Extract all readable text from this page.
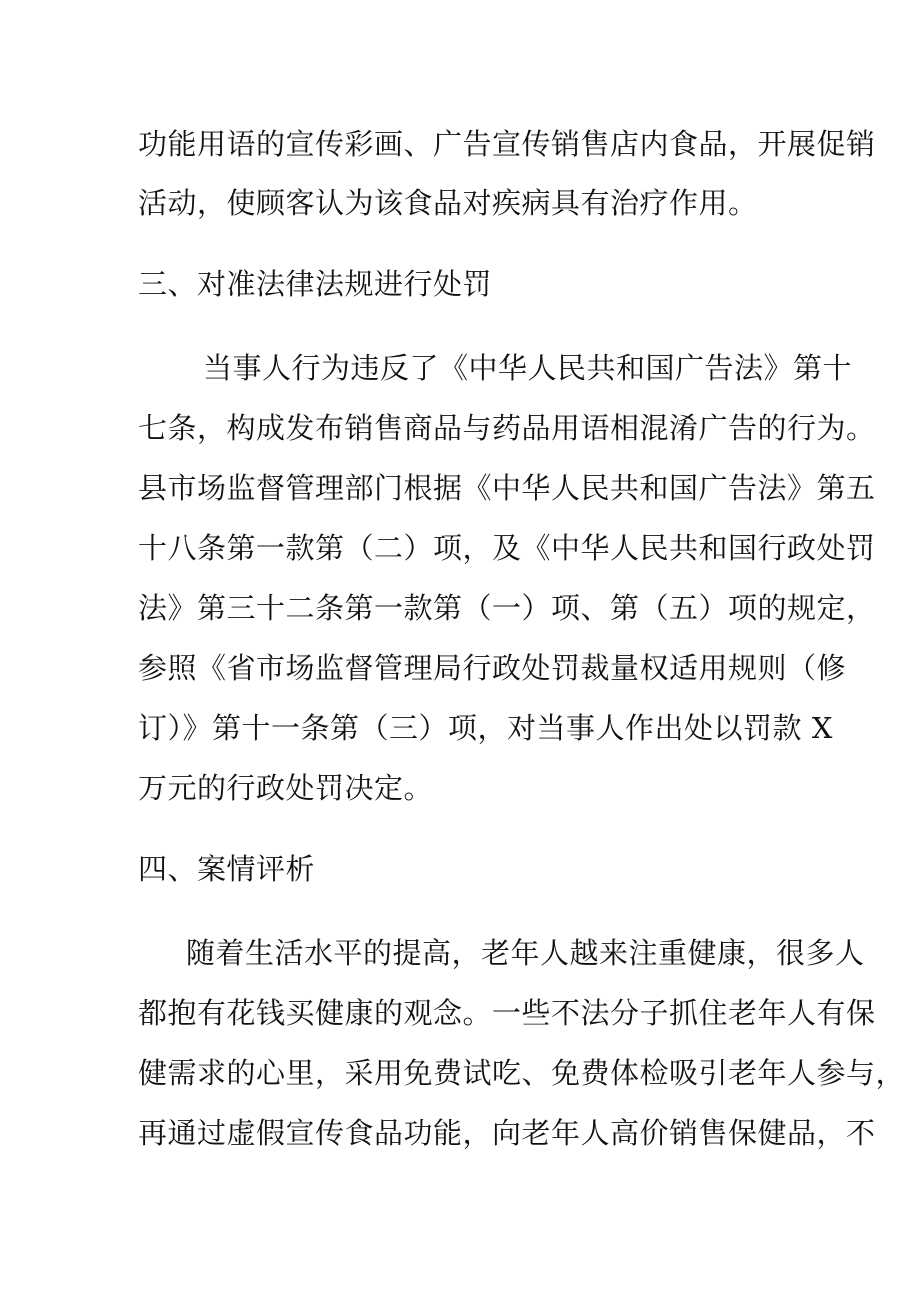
功能用语的宣传彩画、广告宣传销售店内食品，开展促销
活动，使顾客认为该食品对疾病具有治疗作用。
三、对准法律法规进行处罚
当事人行为违反了《中华人民共和国广告法》第十
七条，构成发布销售商品与药品用语相混淆广告的行为。
县市场监督管理部门根据《中华人民共和国广告法》第五
十八条第一款第（二）项，及《中华人民共和国行政处罚
法》第三十二条第一款第（一）项、第（五）项的规定，
参照《省市场监督管理局行政处罚裁量权适用规则（修
订）》第十一条第（三）项，对当事人作出处以罚款 X
万元的行政处罚决定。
四、案情评析
随着生活水平的提高，老年人越来注重健康，很多人
都抱有花钱买健康的观念。一些不法分子抓住老年人有保
健需求的心里，采用免费试吃、免费体检吸引老年人参与，
再通过虚假宣传食品功能，向老年人高价销售保健品，不
